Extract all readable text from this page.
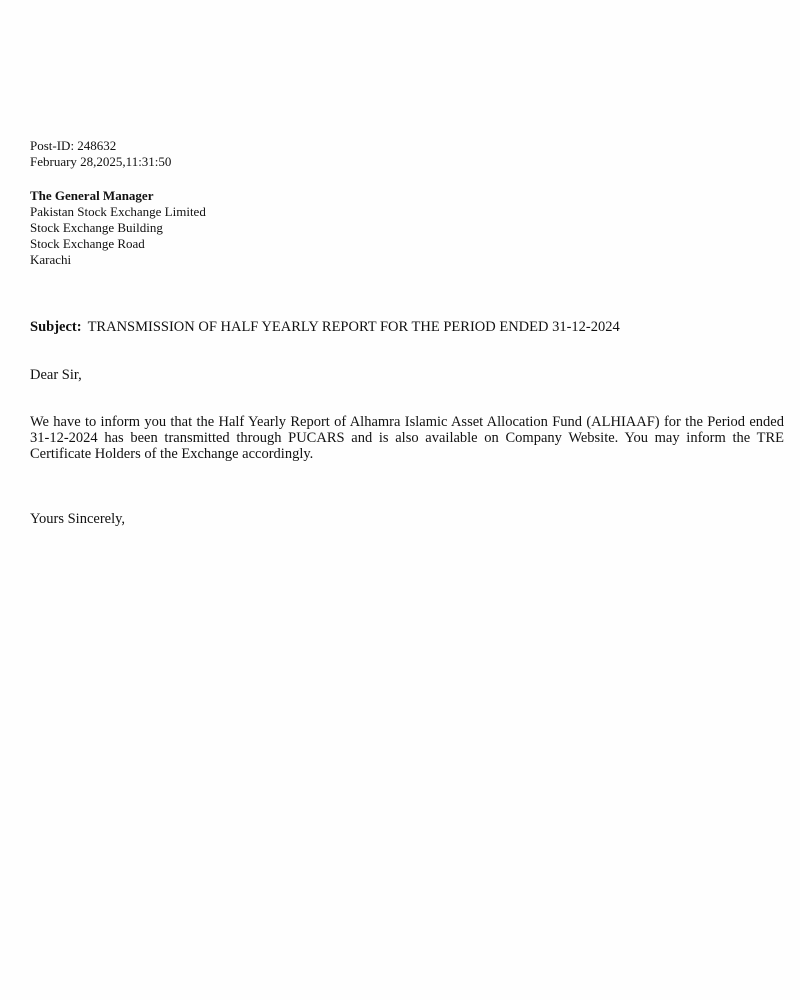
Post-ID: 248632
February 28,2025,11:31:50
The General Manager
Pakistan Stock Exchange Limited
Stock Exchange Building
Stock Exchange Road
Karachi
Subject: TRANSMISSION OF HALF YEARLY REPORT FOR THE PERIOD ENDED 31-12-2024
Dear Sir,
We have to inform you that the Half Yearly Report of Alhamra Islamic Asset Allocation Fund (ALHIAAF) for the Period ended 31-12-2024 has been transmitted through PUCARS and is also available on Company Website. You may inform the TRE Certificate Holders of the Exchange accordingly.
Yours Sincerely,
